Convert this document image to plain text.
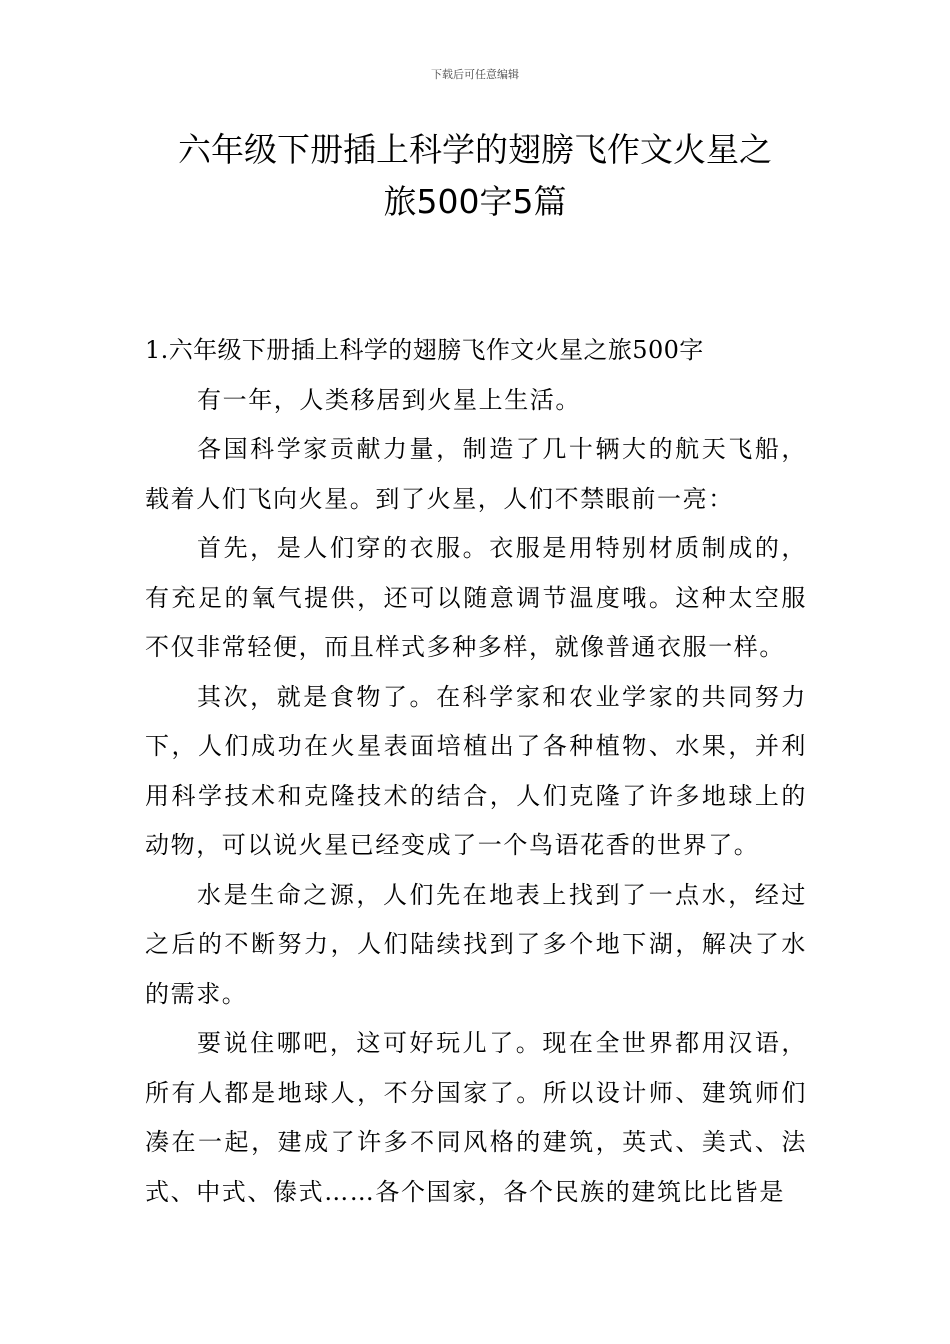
下载后可任意编辑
六年级下册插上科学的翅膀飞作文火星之
旅500字5篇
1.六年级下册插上科学的翅膀飞作文火星之旅500字

有一年，人类移居到火星上生活。

各国科学家贡献力量，制造了几十辆大的航天飞船，载着人们飞向火星。到了火星，人们不禁眼前一亮：

首先，是人们穿的衣服。衣服是用特别材质制成的，有充足的氧气提供，还可以随意调节温度哦。这种太空服不仅非常轻便，而且样式多种多样，就像普通衣服一样。

其次，就是食物了。在科学家和农业学家的共同努力下，人们成功在火星表面培植出了各种植物、水果，并利用科学技术和克隆技术的结合，人们克隆了许多地球上的动物，可以说火星已经变成了一个鸟语花香的世界了。

水是生命之源，人们先在地表上找到了一点水，经过之后的不断努力，人们陆续找到了多个地下湖，解决了水的需求。

要说住哪吧，这可好玩儿了。现在全世界都用汉语，所有人都是地球人，不分国家了。所以设计师、建筑师们凑在一起，建成了许多不同风格的建筑，英式、美式、法式、中式、傣式……各个国家，各个民族的建筑比比皆是
